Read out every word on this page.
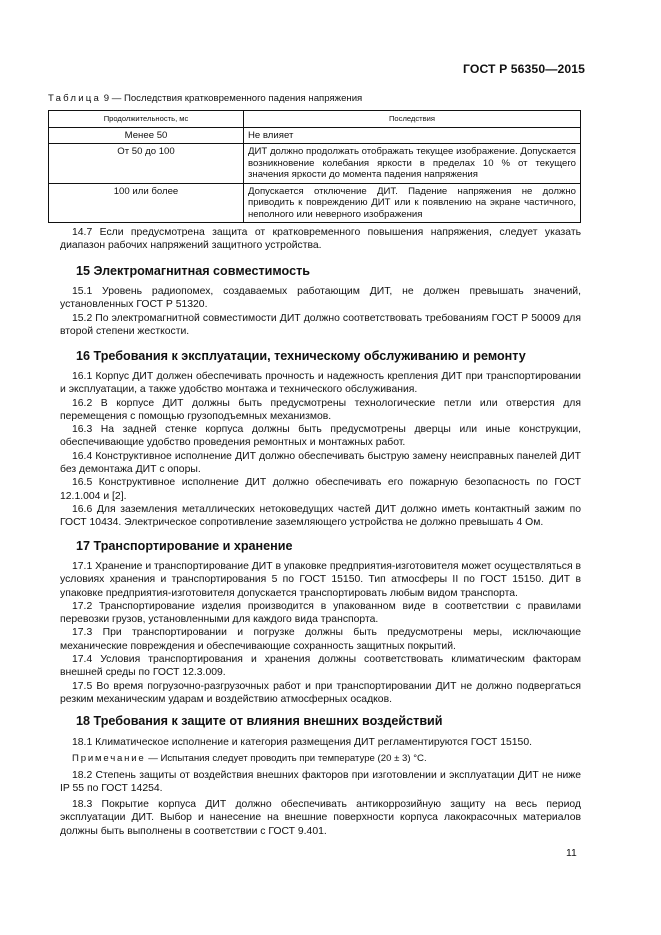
ГОСТ Р 56350—2015
Таблица 9 — Последствия кратковременного падения напряжения
Продолжительность, мс	Последствия
Менее 50	Не влияет
От 50 до 100	ДИТ должно продолжать отображать текущее изображение. Допускается возникновение колебания яркости в пределах 10 % от текущего значения яркости до момента падения напряжения
100 или более	Допускается отключение ДИТ. Падение напряжения не должно приводить к повреждению ДИТ или к появлению на экране частичного, неполного или неверного изображения

14.7 Если предусмотрена защита от кратковременного повышения напряжения, следует указать диапазон рабочих напряжений защитного устройства.

15 Электромагнитная совместимость

15.1 Уровень радиопомех, создаваемых работающим ДИТ, не должен превышать значений, установленных ГОСТ Р 51320.

15.2 По электромагнитной совместимости ДИТ должно соответствовать требованиям ГОСТ Р 50009 для второй степени жесткости.

16 Требования к эксплуатации, техническому обслуживанию и ремонту

16.1 Корпус ДИТ должен обеспечивать прочность и надежность крепления ДИТ при транспортировании и эксплуатации, а также удобство монтажа и технического обслуживания.

16.2 В корпусе ДИТ должны быть предусмотрены технологические петли или отверстия для перемещения с помощью грузоподъемных механизмов.

16.3 На задней стенке корпуса должны быть предусмотрены дверцы или иные конструкции, обеспечивающие удобство проведения ремонтных и монтажных работ.

16.4 Конструктивное исполнение ДИТ должно обеспечивать быструю замену неисправных панелей ДИТ без демонтажа ДИТ с опоры.

16.5 Конструктивное исполнение ДИТ должно обеспечивать его пожарную безопасность по ГОСТ 12.1.004 и [2].

16.6 Для заземления металлических нетоковедущих частей ДИТ должно иметь контактный зажим по ГОСТ 10434. Электрическое сопротивление заземляющего устройства не должно превышать 4 Ом.

17 Транспортирование и хранение

17.1 Хранение и транспортирование ДИТ в упаковке предприятия-изготовителя может осуществляться в условиях хранения и транспортирования 5 по ГОСТ 15150. Тип атмосферы II по ГОСТ 15150. ДИТ в упаковке предприятия-изготовителя допускается транспортировать любым видом транспорта.

17.2 Транспортирование изделия производится в упакованном виде в соответствии с правилами перевозки грузов, установленными для каждого вида транспорта.

17.3 При транспортировании и погрузке должны быть предусмотрены меры, исключающие механические повреждения и обеспечивающие сохранность защитных покрытий.

17.4 Условия транспортирования и хранения должны соответствовать климатическим факторам внешней среды по ГОСТ 12.3.009.

17.5 Во время погрузочно-разгрузочных работ и при транспортировании ДИТ не должно подвергаться резким механическим ударам и воздействию атмосферных осадков.

18 Требования к защите от влияния внешних воздействий

18.1 Климатическое исполнение и категория размещения ДИТ регламентируются ГОСТ 15150.

Примечание — Испытания следует проводить при температуре (20 ± 3) °С.

18.2 Степень защиты от воздействия внешних факторов при изготовлении и эксплуатации ДИТ не ниже IP 55 по ГОСТ 14254.

18.3 Покрытие корпуса ДИТ должно обеспечивать антикоррозийную защиту на весь период эксплуатации ДИТ. Выбор и нанесение на внешние поверхности корпуса лакокрасочных материалов должны быть выполнены в соответствии с ГОСТ 9.401.

11
